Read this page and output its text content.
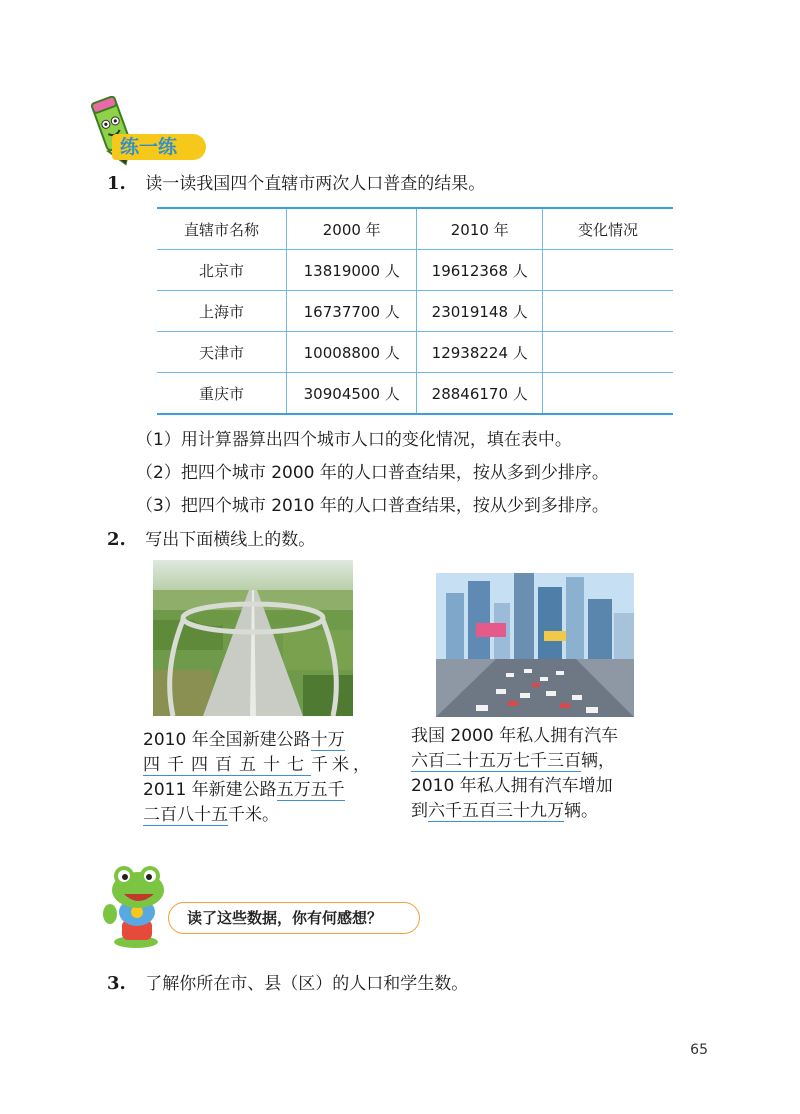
练一练
1. 读一读我国四个直辖市两次人口普查的结果。
直辖市名称	2000 年	2010 年	变化情况
北京市	13819000 人	19612368 人	
上海市	16737700 人	23019148 人	
天津市	10008800 人	12938224 人	
重庆市	30904500 人	28846170 人	
（1）用计算器算出四个城市人口的变化情况，填在表中。
（2）把四个城市 2000 年的人口普查结果，按从多到少排序。
（3）把四个城市 2010 年的人口普查结果，按从少到多排序。
2. 写出下面横线上的数。
2010 年全国新建公路十万
四千四百五十七千米，
2011 年新建公路五万五千
二百八十五千米。
我国 2000 年私人拥有汽车
六百二十五万七千三百辆，
2010 年私人拥有汽车增加
到六千五百三十九万辆。
读了这些数据，你有何感想？
3. 了解你所在市、县（区）的人口和学生数。
65
